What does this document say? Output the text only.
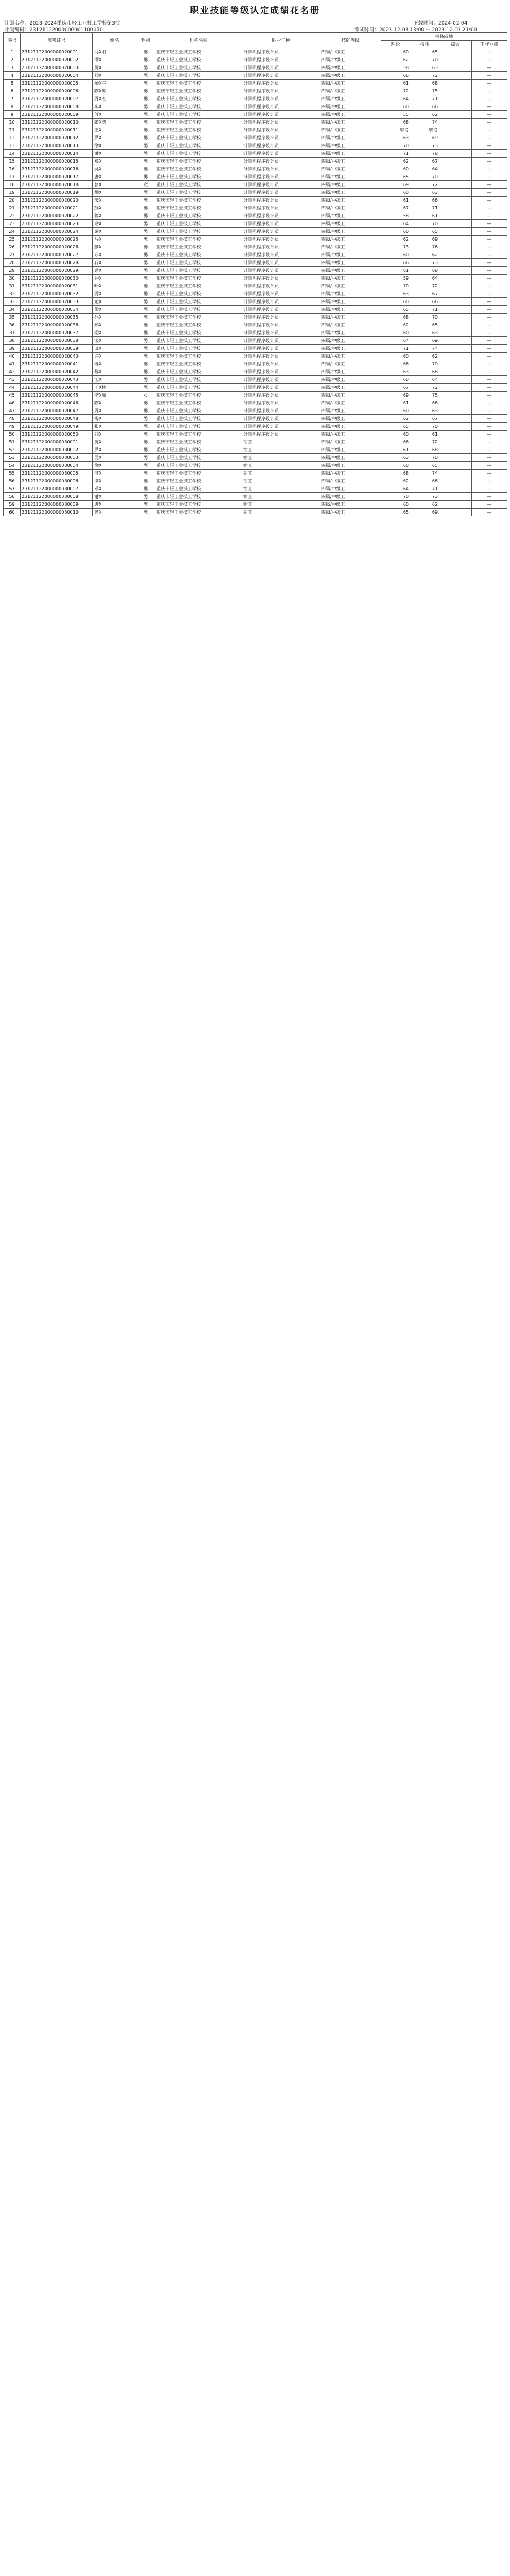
职业技能等级认定成绩花名册
计划名称：2023-2024重庆市轻工业技工学校第3批
计划编码：23121122000000001100070
下载时间：2024-02-04
考试时间：2023-12-03 13:00 ~ 2023-12-03 21:00
序号	准考证号	姓名	性别	机构名称	职业工种	技能等级	考核成绩			
							理论	技能	综合	工作业绩
1	23121122000000020001	冯X明	男	重庆市轻工业技工学校	计算机程序设计员	四级/中级工	60	65		—
2	23121122000000020002	谭X	男	重庆市轻工业技工学校	计算机程序设计员	四级/中级工	62	70		—
3	23121122000000020003	黄X	男	重庆市轻工业技工学校	计算机程序设计员	四级/中级工	58	63		—
4	23121122000000020004	刘X	男	重庆市轻工业技工学校	计算机程序设计员	四级/中级工	66	72		—
5	23121122000000020005	杨X宇	男	重庆市轻工业技工学校	计算机程序设计员	四级/中级工	61	68		—
6	23121122000000020006	陈X辉	男	重庆市轻工业技工学校	计算机程序设计员	四级/中级工	72	75		—
7	23121122000000020007	周X杰	男	重庆市轻工业技工学校	计算机程序设计员	四级/中级工	64	71		—
8	23121122000000020008	李X	男	重庆市轻工业技工学校	计算机程序设计员	四级/中级工	60	66		—
9	23121122000000020009	何X	男	重庆市轻工业技工学校	计算机程序设计员	四级/中级工	55	62		—
10	23121122000000020010	张X浩	男	重庆市轻工业技工学校	计算机程序设计员	四级/中级工	68	74		—
11	23121122000000020011	王X	男	重庆市轻工业技工学校	计算机程序设计员	四级/中级工	缺考	缺考		—
12	23121122000000020012	罗X	男	重庆市轻工业技工学校	计算机程序设计员	四级/中级工	63	69		—
13	23121122000000020013	徐X	男	重庆市轻工业技工学校	计算机程序设计员	四级/中级工	70	73		—
14	23121122000000020014	谢X	男	重庆市轻工业技工学校	计算机程序设计员	四级/中级工	71	78		—
15	23121122000000020015	邓X	男	重庆市轻工业技工学校	计算机程序设计员	四级/中级工	62	67		—
16	23121122000000020016	吴X	男	重庆市轻工业技工学校	计算机程序设计员	四级/中级工	60	64		—
17	23121122000000020017	唐X	男	重庆市轻工业技工学校	计算机程序设计员	四级/中级工	65	70		—
18	23121122000000020018	曾X	女	重庆市轻工业技工学校	计算机程序设计员	四级/中级工	69	72		—
19	23121122000000020019	胡X	男	重庆市轻工业技工学校	计算机程序设计员	四级/中级工	60	63		—
20	23121122000000020020	朱X	男	重庆市轻工业技工学校	计算机程序设计员	四级/中级工	61	66		—
21	23121122000000020021	彭X	男	重庆市轻工业技工学校	计算机程序设计员	四级/中级工	67	71		—
22	23121122000000020022	蒋X	男	重庆市轻工业技工学校	计算机程序设计员	四级/中级工	58	61		—
23	23121122000000020023	余X	男	重庆市轻工业技工学校	计算机程序设计员	四级/中级工	64	70		—
24	23121122000000020024	秦X	男	重庆市轻工业技工学校	计算机程序设计员	四级/中级工	60	65		—
25	23121122000000020025	马X	男	重庆市轻工业技工学校	计算机程序设计员	四级/中级工	62	69		—
26	23121122000000020026	廖X	男	重庆市轻工业技工学校	计算机程序设计员	四级/中级工	73	76		—
27	23121122000000020027	方X	男	重庆市轻工业技工学校	计算机程序设计员	四级/中级工	60	62		—
28	23121122000000020028	石X	男	重庆市轻工业技工学校	计算机程序设计员	四级/中级工	66	73		—
29	23121122000000020029	袁X	男	重庆市轻工业技工学校	计算机程序设计员	四级/中级工	61	68		—
30	23121122000000020030	钟X	男	重庆市轻工业技工学校	计算机程序设计员	四级/中级工	59	64		—
31	23121122000000020031	叶X	男	重庆市轻工业技工学校	计算机程序设计员	四级/中级工	70	72		—
32	23121122000000020032	贺X	男	重庆市轻工业技工学校	计算机程序设计员	四级/中级工	63	67		—
33	23121122000000020033	龙X	男	重庆市轻工业技工学校	计算机程序设计员	四级/中级工	60	66		—
34	23121122000000020034	熊X	男	重庆市轻工业技工学校	计算机程序设计员	四级/中级工	65	71		—
35	23121122000000020035	孙X	男	重庆市轻工业技工学校	计算机程序设计员	四级/中级工	68	70		—
36	23121122000000020036	郑X	男	重庆市轻工业技工学校	计算机程序设计员	四级/中级工	62	65		—
37	23121122000000020037	梁X	男	重庆市轻工业技工学校	计算机程序设计员	四级/中级工	60	63		—
38	23121122000000020038	宋X	男	重庆市轻工业技工学校	计算机程序设计员	四级/中级工	64	69		—
39	23121122000000020039	田X	男	重庆市轻工业技工学校	计算机程序设计员	四级/中级工	71	74		—
40	23121122000000020040	许X	男	重庆市轻工业技工学校	计算机程序设计员	四级/中级工	60	62		—
41	23121122000000020041	冉X	男	重庆市轻工业技工学校	计算机程序设计员	四级/中级工	66	70		—
42	23121122000000020042	黎X	男	重庆市轻工业技工学校	计算机程序设计员	四级/中级工	63	68		—
43	23121122000000020043	江X	男	重庆市轻工业技工学校	计算机程序设计员	四级/中级工	60	64		—
44	23121122000000020044	王X林	男	重庆市轻工业技工学校	计算机程序设计员	四级/中级工	67	72		—
45	23121122000000020045	李X峰	女	重庆市轻工业技工学校	计算机程序设计员	四级/中级工	69	75		—
46	23121122000000020046	陈X	男	重庆市轻工业技工学校	计算机程序设计员	四级/中级工	61	66		—
47	23121122000000020047	周X	男	重庆市轻工业技工学校	计算机程序设计员	四级/中级工	60	63		—
48	23121122000000020048	杨X	男	重庆市轻工业技工学校	计算机程序设计员	四级/中级工	62	67		—
49	23121122000000020049	张X	男	重庆市轻工业技工学校	计算机程序设计员	四级/中级工	65	70		—
50	23121122000000020050	刘X	男	重庆市轻工业技工学校	计算机程序设计员	四级/中级工	60	61		—
51	23121122000000030001	黄X	男	重庆市轻工业技工学校	钳工	四级/中级工	66	72		—
52	23121122000000030002	罗X	男	重庆市轻工业技工学校	钳工	四级/中级工	61	68		—
53	23121122000000030003	吴X	男	重庆市轻工业技工学校	钳工	四级/中级工	63	70		—
54	23121122000000030004	徐X	男	重庆市轻工业技工学校	钳工	四级/中级工	60	65		—
55	23121122000000030005	何X	男	重庆市轻工业技工学校	钳工	四级/中级工	68	74		—
56	23121122000000030006	谭X	男	重庆市轻工业技工学校	钳工	四级/中级工	62	66		—
57	23121122000000030007	邓X	男	重庆市轻工业技工学校	钳工	四级/中级工	64	71		—
58	23121122000000030008	谢X	男	重庆市轻工业技工学校	钳工	四级/中级工	70	73		—
59	23121122000000030009	唐X	男	重庆市轻工业技工学校	钳工	四级/中级工	60	62		—
60	23121122000000030010	曾X	男	重庆市轻工业技工学校	钳工	四级/中级工	65	69		—
